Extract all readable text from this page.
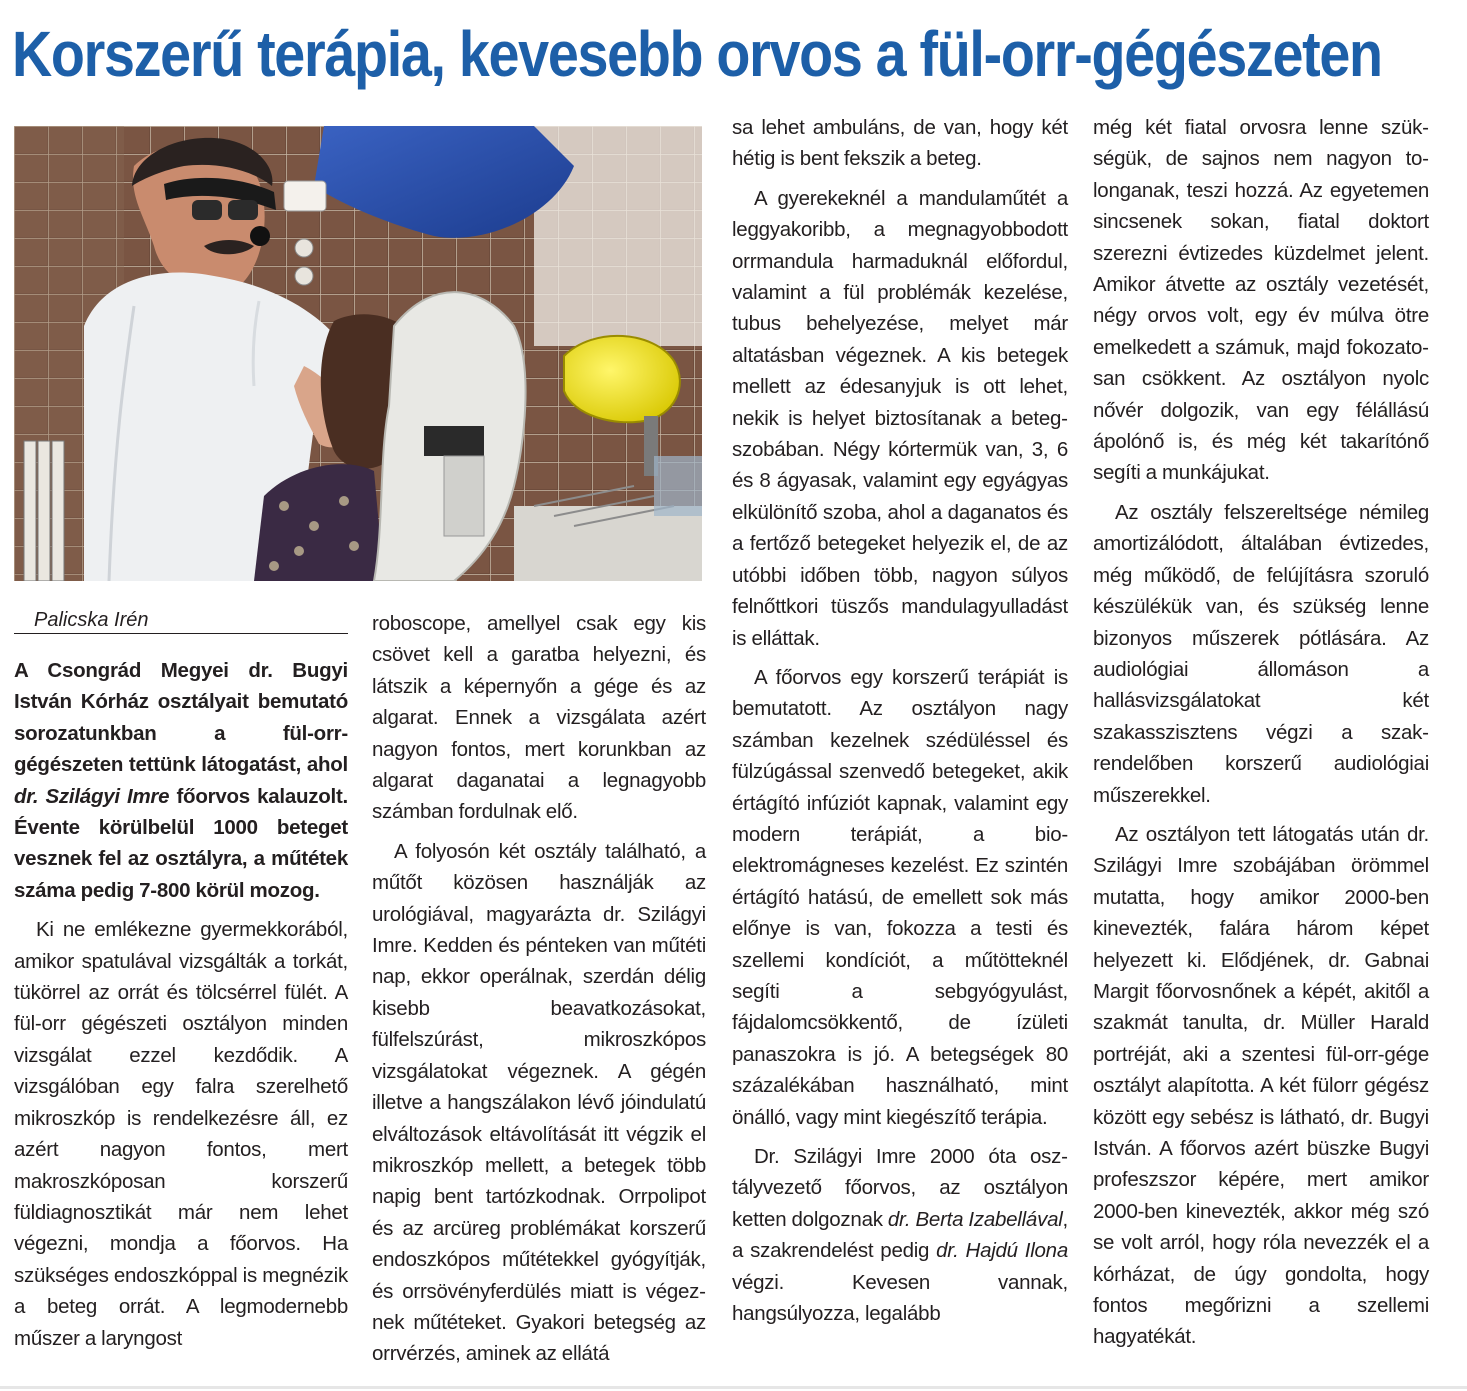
Korszerű terápia, kevesebb orvos a fül-orr-gégészeten
Palicska Irén

A Csongrád Megyei dr. Bugyi István Kórház osztályait bemutató sorozatunkban a fül-orr-gégészeten tettünk látogatást, ahol dr. Szilágyi Imre főorvos kalauzolt. Évente körülbelül 1000 beteget vesznek fel az osztályra, a műtétek száma pedig 7-800 körül mozog.

Ki ne emlékezne gyermekkorából, amikor spatulával vizsgálták a torkát, tükörrel az orrát és tölcsérrel fülét. A fül-orr gégészeti osztályon minden vizsgálat ezzel kezdődik. A vizsgálóban egy falra szerelhető mikroszkóp is rendelkezésre áll, ez azért nagyon fontos, mert makroszkóposan korszerű füldiagnosztikát már nem lehet végezni, mondja a főorvos. Ha szükséges endoszkóppal is megnézik a beteg orrát. A legmodernebb műszer a laryngost

roboscope, amellyel csak egy kis csövet kell a garatba helyezni, és látszik a képernyőn a gége és az algarat. Ennek a vizsgálata azért nagyon fontos, mert korunkban az algarat daganatai a legnagyobb számban fordulnak elő.

A folyosón két osztály található, a műtőt közösen használják az urológiával, magyarázta dr. Szilágyi Imre. Kedden és pénteken van műtéti nap, ekkor operálnak, szerdán délig kisebb beavatkozásokat, fülfelszúrást, mikroszkópos vizsgálatokat végeznek. A gégén illetve a hangszálakon lévő jóindulatú elváltozások eltávolítását itt végzik el mikroszkóp mellett, a betegek több napig bent tartózkodnak. Orrpolipot és az arcüreg problémákat korszerű endoszkópos műtétekkel gyógyítják, és orrsövényferdülés miatt is végeznek műtéteket. Gyakori betegség az orrvérzés, aminek az ellátá

sa lehet ambuláns, de van, hogy két hétig is bent fekszik a beteg.

A gyerekeknél a mandulaműtét a leggyakoribb, a megnagyobbodott orrmandula harmaduknál előfordul, valamint a fül problémák kezelése, tubus behelyezése, melyet már altatásban végeznek. A kis betegek mellett az édesanyjuk is ott lehet, nekik is helyet biztosítanak a betegszobában. Négy kórtermük van, 3, 6 és 8 ágyasak, valamint egy egyágyas elkülönítő szoba, ahol a daganatos és a fertőző betegeket helyezik el, de az utóbbi időben több, nagyon súlyos felnőttkori tüszős mandulagyulladást is elláttak.

A főorvos egy korszerű terápiát is bemutatott. Az osztályon nagy számban kezelnek szédüléssel és fülzúgással szenvedő betegeket, akik értágító infúziót kapnak, valamint egy modern terápiát, a bio-elektromágneses kezelést. Ez szintén értágító hatású, de emellett sok más előnye is van, fokozza a testi és szellemi kondíciót, a műtötteknél segíti a sebgyógyulást, fájdalomcsökkentő, de ízületi panaszokra is jó. A betegségek 80 százalékában használható, mint önálló, vagy mint kiegészítő terápia.

Dr. Szilágyi Imre 2000 óta osztályvezető főorvos, az osztályon ketten dolgoznak dr. Berta Izabellával, a szakrendelést pedig dr. Hajdú Ilona végzi. Kevesen vannak, hangsúlyozza, legalább

még két fiatal orvosra lenne szükségük, de sajnos nem nagyon tolonganak, teszi hozzá. Az egyetemen sincsenek sokan, fiatal doktort szerezni évtizedes küzdelmet jelent. Amikor átvette az osztály vezetését, négy orvos volt, egy év múlva ötre emelkedett a számuk, majd fokozatosan csökkent. Az osztályon nyolc nővér dolgozik, van egy félállású ápolónő is, és még két takarítónő segíti a munkájukat.

Az osztály felszereltsége némileg amortizálódott, általában évtizedes, még működő, de felújításra szoruló készülékük van, és szükség lenne bizonyos műszerek pótlására. Az audiológiai állomáson a hallásvizsgálatokat két szakasszisztens végzi a szakrendelőben korszerű audiológiai műszerekkel.

Az osztályon tett látogatás után dr. Szilágyi Imre szobájában örömmel mutatta, hogy amikor 2000-ben kinevezték, falára három képet helyezett ki. Elődjének, dr. Gabnai Margit főorvosnőnek a képét, akitől a szakmát tanulta, dr. Müller Harald portréját, aki a szentesi fül-orr-gége osztályt alapította. A két fülorr gégész között egy sebész is látható, dr. Bugyi István. A főorvos azért büszke Bugyi profeszszor képére, mert amikor 2000-ben kinevezték, akkor még szó se volt arról, hogy róla nevezzék el a kórházat, de úgy gondolta, hogy fontos megőrizni a szellemi hagyatékát.
